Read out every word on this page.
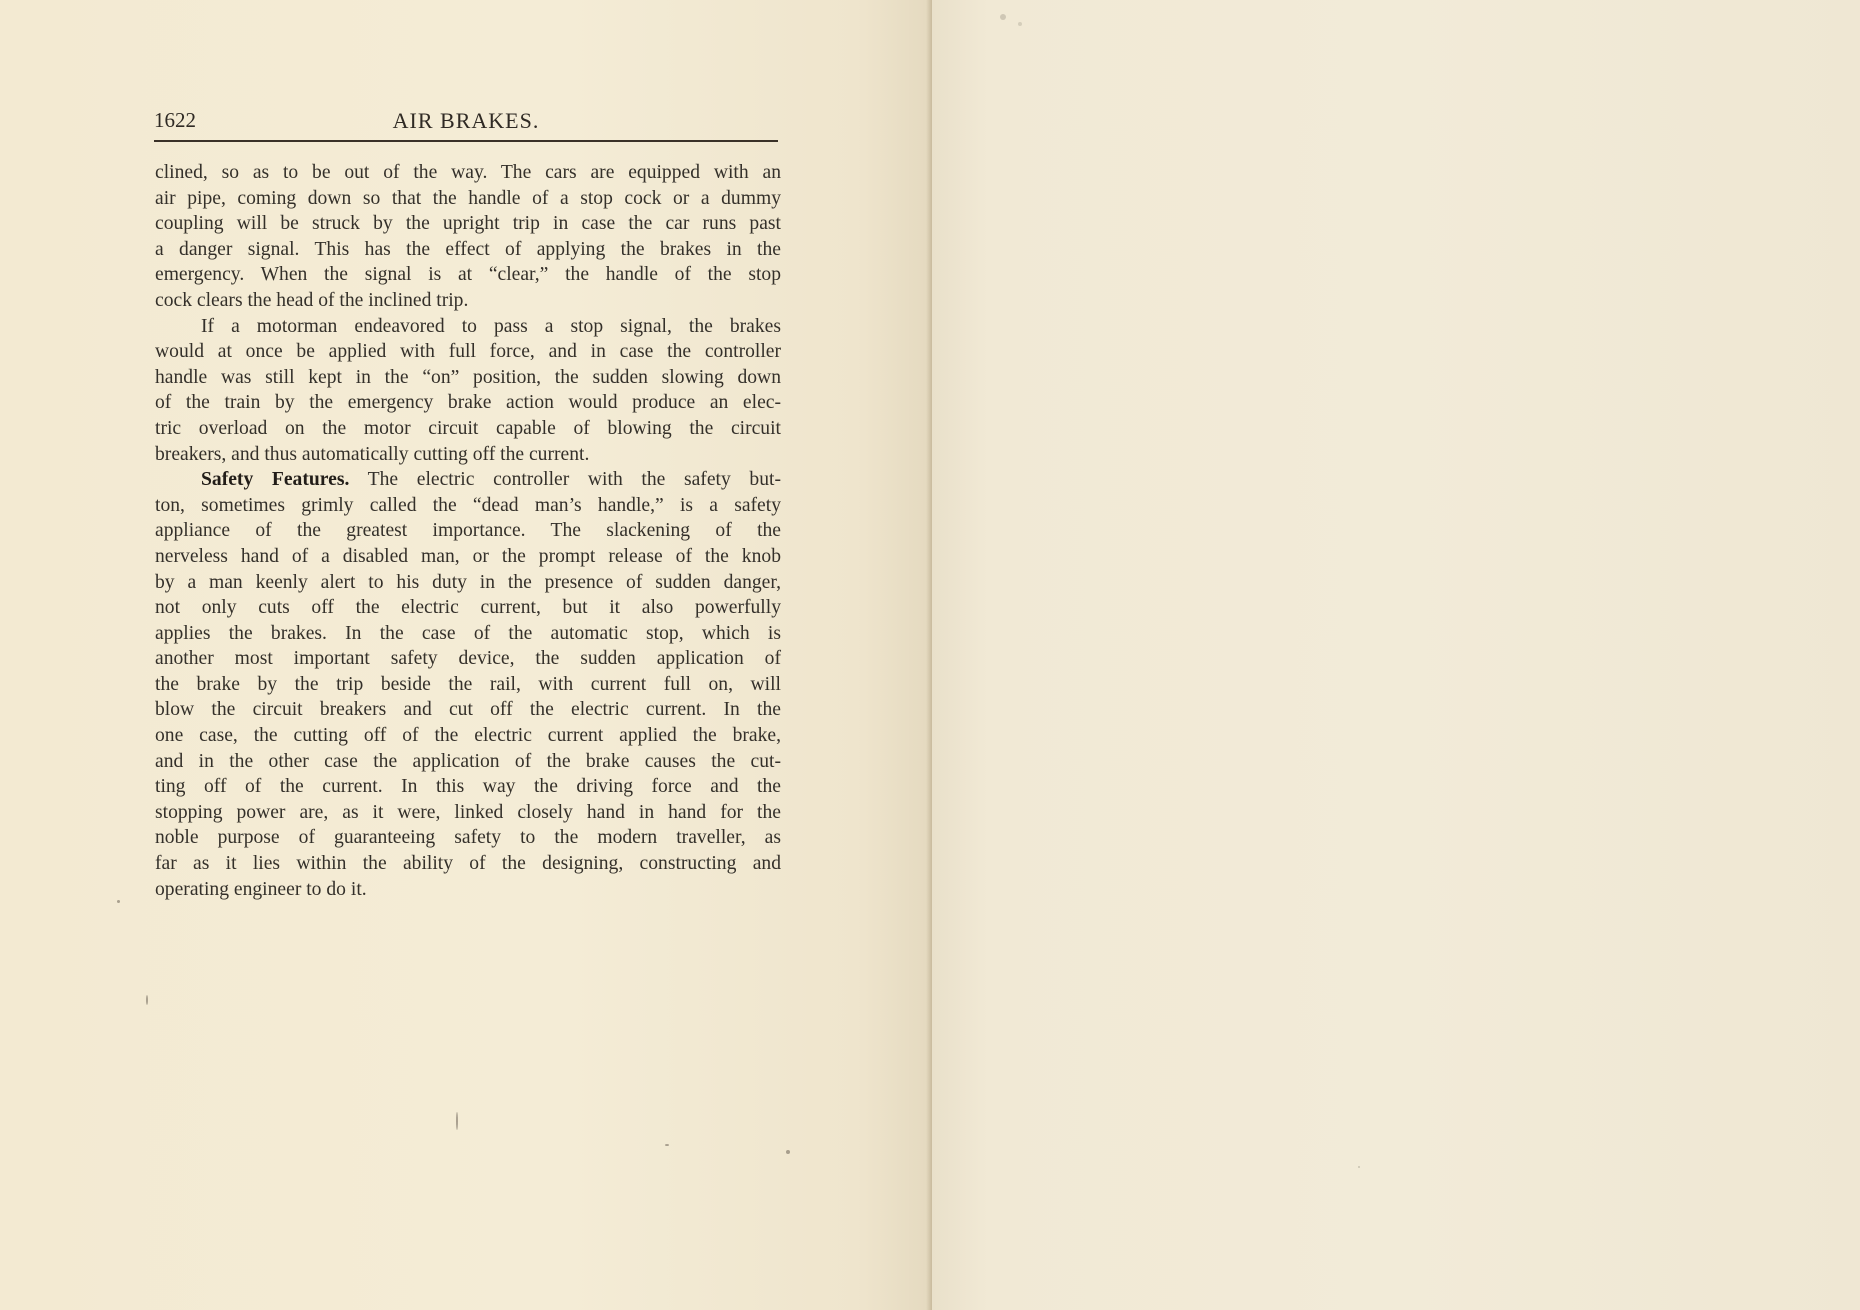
1622	AIR BRAKES.
clined, so as to be out of the way. The cars are equipped with an
air pipe, coming down so that the handle of a stop cock or a dummy
coupling will be struck by the upright trip in case the car runs past
a danger signal. This has the effect of applying the brakes in the
emergency. When the signal is at “clear,” the handle of the stop
cock clears the head of the inclined trip.
If a motorman endeavored to pass a stop signal, the brakes
would at once be applied with full force, and in case the controller
handle was still kept in the “on” position, the sudden slowing down
of the train by the emergency brake action would produce an elec-
tric overload on the motor circuit capable of blowing the circuit
breakers, and thus automatically cutting off the current.
Safety Features. The electric controller with the safety but-
ton, sometimes grimly called the “dead man’s handle,” is a safety
appliance of the greatest importance. The slackening of the
nerveless hand of a disabled man, or the prompt release of the knob
by a man keenly alert to his duty in the presence of sudden danger,
not only cuts off the electric current, but it also powerfully
applies the brakes. In the case of the automatic stop, which is
another most important safety device, the sudden application of
the brake by the trip beside the rail, with current full on, will
blow the circuit breakers and cut off the electric current. In the
one case, the cutting off of the electric current applied the brake,
and in the other case the application of the brake causes the cut-
ting off of the current. In this way the driving force and the
stopping power are, as it were, linked closely hand in hand for the
noble purpose of guaranteeing safety to the modern traveller, as
far as it lies within the ability of the designing, constructing and
operating engineer to do it.
